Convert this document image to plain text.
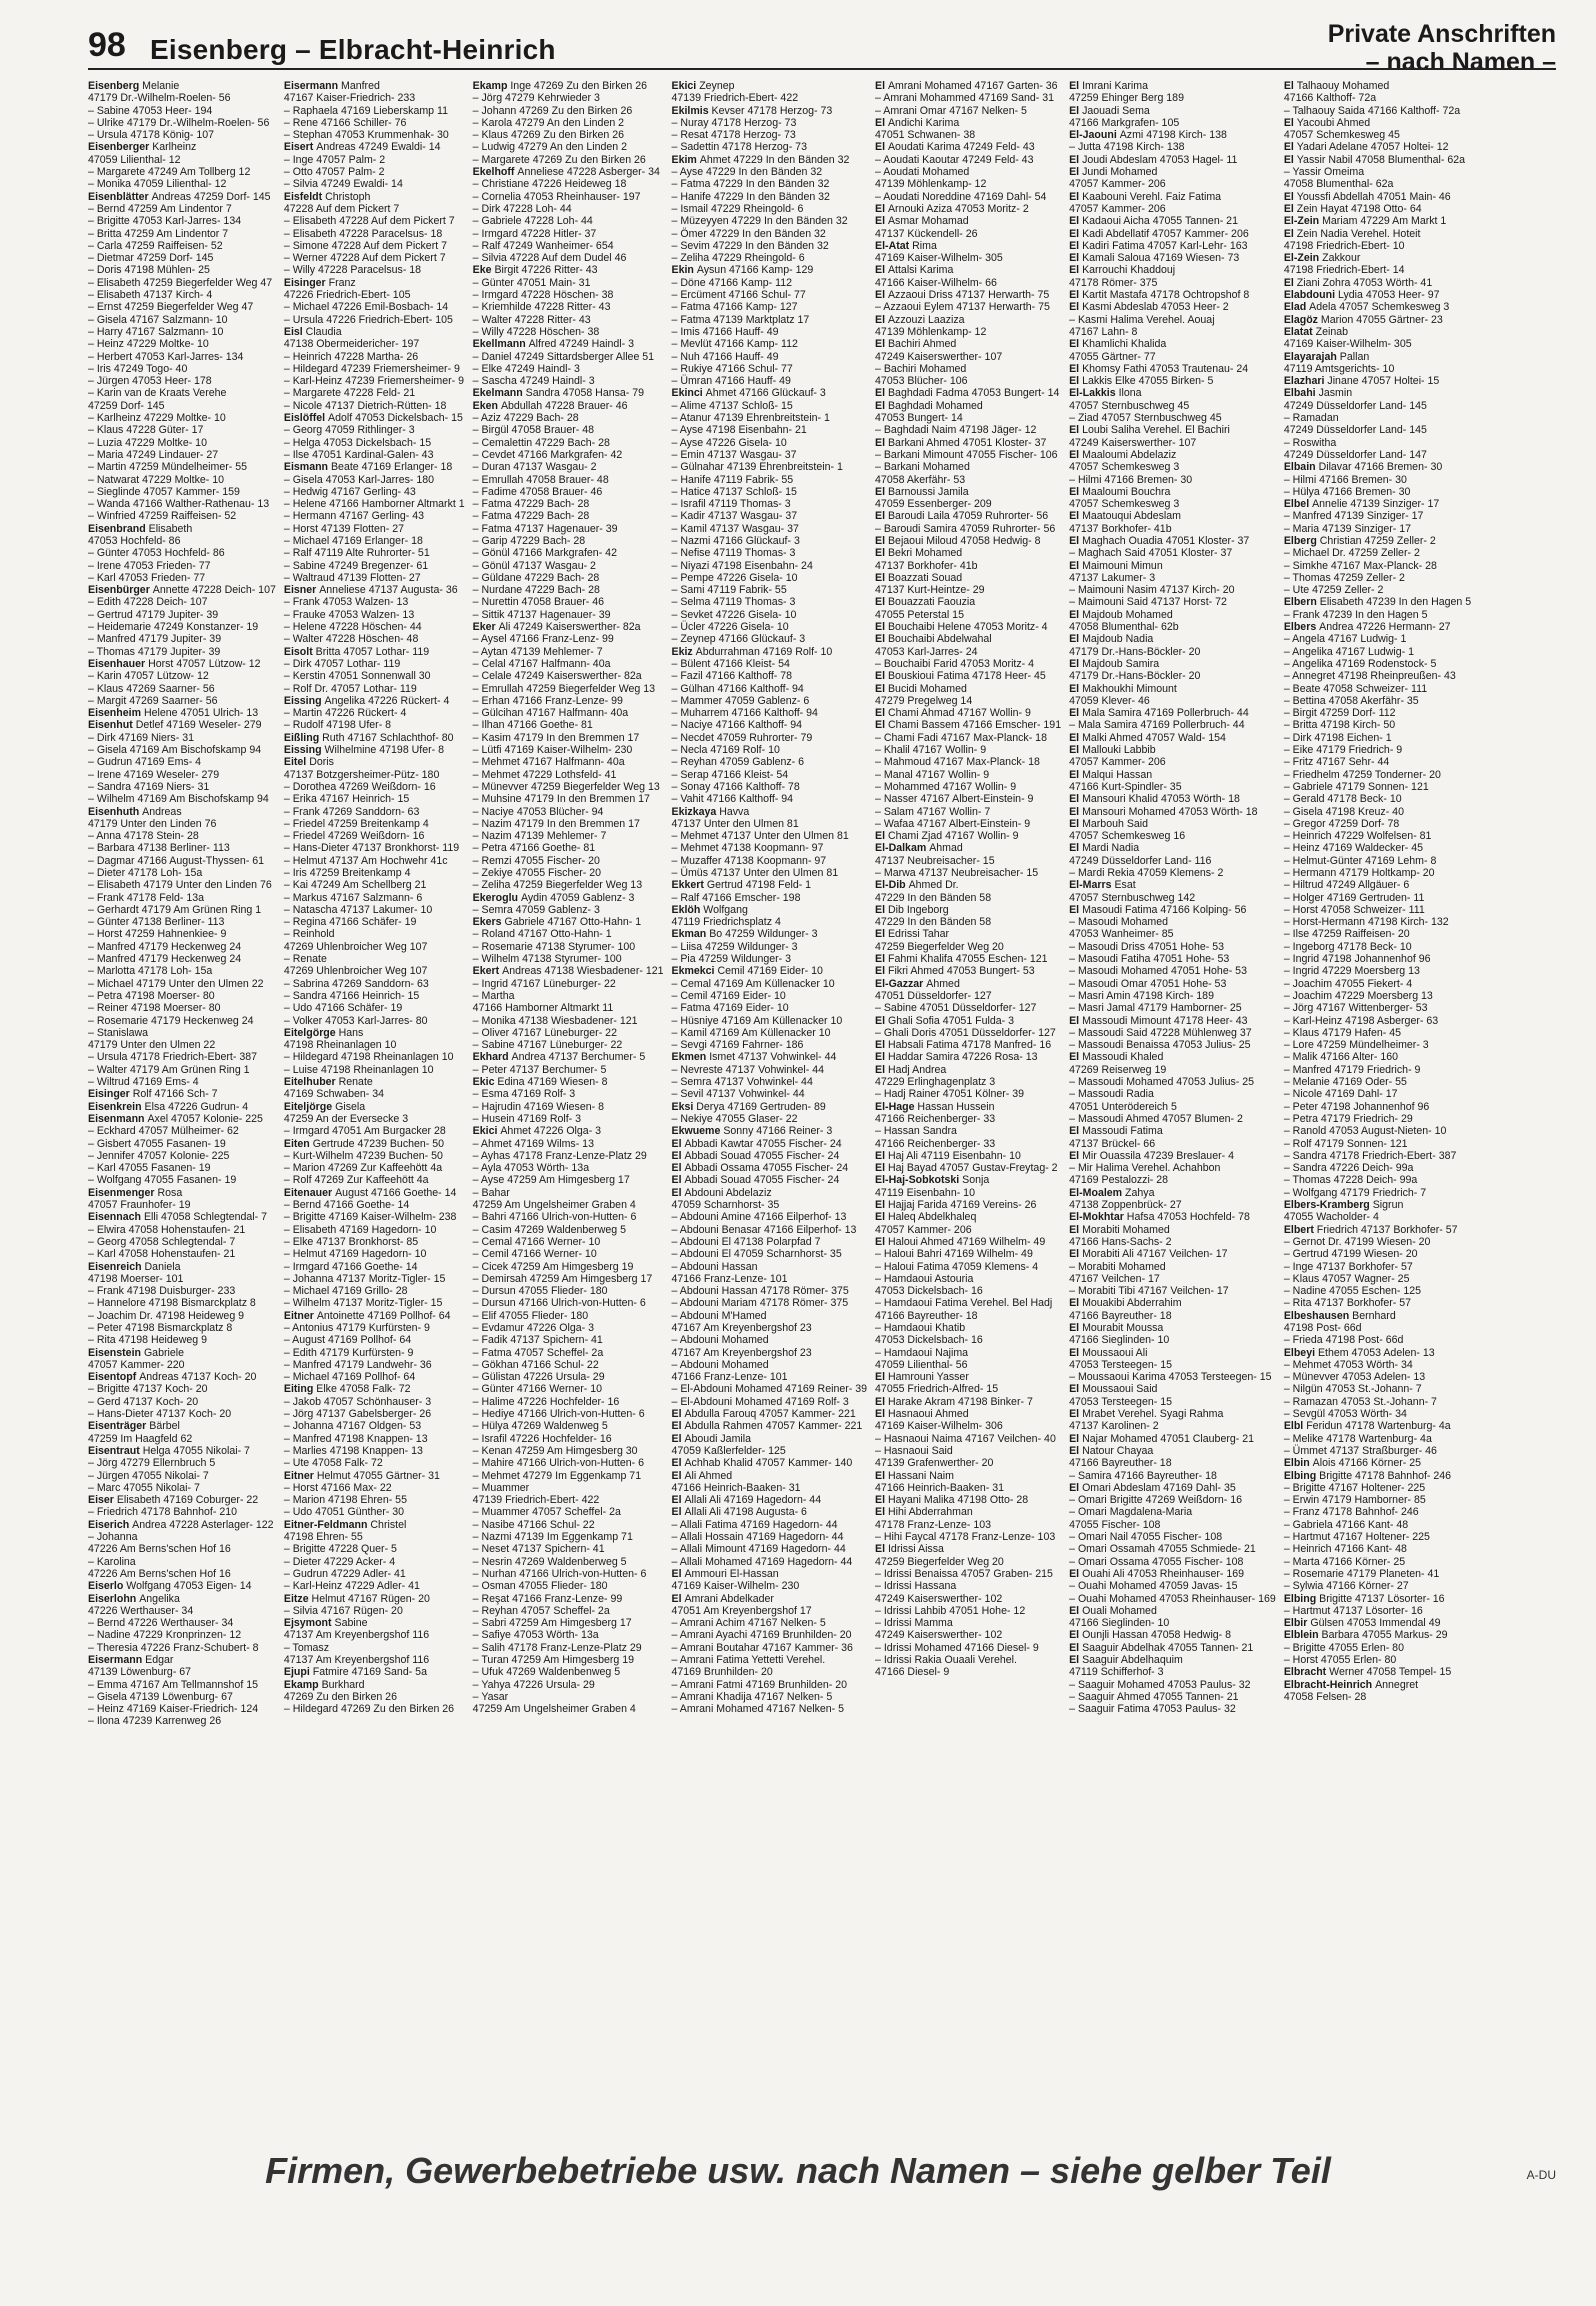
98 Eisenberg – Elbracht-Heinrich	Private Anschriften
– nach Namen –
Eisenberg Melanie
47179 Dr.-Wilhelm-Roelen- 56
– Sabine 47053 Heer- 194
– Ulrike 47179 Dr.-Wilhelm-Roelen- 56
– Ursula 47178 König- 107
Eisenberger Karlheinz
47059 Lilienthal- 12
– Margarete 47249 Am Tollberg 12
– Monika 47059 Lilienthal- 12
Eisenblätter Andreas 47259 Dorf- 145
– Bernd 47259 Am Lindentor 7
– Brigitte 47053 Karl-Jarres- 134
– Britta 47259 Am Lindentor 7
– Carla 47259 Raiffeisen- 52
– Dietmar 47259 Dorf- 145
– Doris 47198 Mühlen- 25
– Elisabeth 47259 Biegerfelder Weg 47
– Elisabeth 47137 Kirch- 4
– Ernst 47259 Biegerfelder Weg 47
– Gisela 47167 Salzmann- 10
– Harry 47167 Salzmann- 10
– Heinz 47229 Moltke- 10
– Herbert 47053 Karl-Jarres- 134
– Iris 47249 Togo- 40
– Jürgen 47053 Heer- 178
– Karin van de Kraats Verehe
47259 Dorf- 145
– Karlheinz 47229 Moltke- 10
– Klaus 47228 Güter- 17
– Luzia 47229 Moltke- 10
– Maria 47249 Lindauer- 27
– Martin 47259 Mündelheimer- 55
– Natwarat 47229 Moltke- 10
– Sieglinde 47057 Kammer- 159
– Wanda 47166 Walther-Rathenau- 13
– Winfried 47259 Raiffeisen- 52
Eisenbrand Elisabeth
47053 Hochfeld- 86
– Günter 47053 Hochfeld- 86
– Irene 47053 Frieden- 77
– Karl 47053 Frieden- 77
Eisenbürger Annette 47228 Deich- 107
– Edith 47228 Deich- 107
– Gertrud 47179 Jupiter- 39
– Heidemarie 47249 Konstanzer- 19
– Manfred 47179 Jupiter- 39
– Thomas 47179 Jupiter- 39
Eisenhauer Horst 47057 Lützow- 12
– Karin 47057 Lützow- 12
– Klaus 47269 Saarner- 56
– Margit 47269 Saarner- 56
Eisenheim Helene 47051 Ulrich- 13
Eisenhut Detlef 47169 Weseler- 279
– Dirk 47169 Niers- 31
– Gisela 47169 Am Bischofskamp 94
– Gudrun 47169 Ems- 4
– Irene 47169 Weseler- 279
– Sandra 47169 Niers- 31
– Wilhelm 47169 Am Bischofskamp 94
Eisenhuth Andreas
47179 Unter den Linden 76
– Anna 47178 Stein- 28
– Barbara 47138 Berliner- 113
– Dagmar 47166 August-Thyssen- 61
– Dieter 47178 Loh- 15a
– Elisabeth 47179 Unter den Linden 76
– Frank 47178 Feld- 13a
– Gerhardt 47179 Am Grünen Ring 1
– Günter 47138 Berliner- 113
– Horst 47259 Hahnenkiee- 9
– Manfred 47179 Heckenweg 24
– Manfred 47179 Heckenweg 24
– Marlotta 47178 Loh- 15a
– Michael 47179 Unter den Ulmen 22
– Petra 47198 Moerser- 80
– Reiner 47198 Moerser- 80
– Rosemarie 47179 Heckenweg 24
– Stanislawa
47179 Unter den Ulmen 22
– Ursula 47178 Friedrich-Ebert- 387
– Walter 47179 Am Grünen Ring 1
– Wiltrud 47169 Ems- 4
Eisinger Rolf 47166 Sch- 7
Eisenkrein Elsa 47226 Gudrun- 4
Eisenmann Axel 47057 Kolonie- 225
– Eckhard 47057 Mülheimer- 62
– Gisbert 47055 Fasanen- 19
– Jennifer 47057 Kolonie- 225
– Karl 47055 Fasanen- 19
– Wolfgang 47055 Fasanen- 19
Eisenmenger Rosa
47057 Fraunhofer- 19
Eisennach Elli 47058 Schlegtendal- 7
– Elwira 47058 Hohenstaufen- 21
– Georg 47058 Schlegtendal- 7
– Karl 47058 Hohenstaufen- 21
Eisenreich Daniela
47198 Moerser- 101
– Frank 47198 Duisburger- 233
– Hannelore 47198 Bismarckplatz 8
– Joachim Dr. 47198 Heideweg 9
– Peter 47198 Bismarckplatz 8
– Rita 47198 Heideweg 9
Eisenstein Gabriele
47057 Kammer- 220
Eisentopf Andreas 47137 Koch- 20
– Brigitte 47137 Koch- 20
– Gerd 47137 Koch- 20
– Hans-Dieter 47137 Koch- 20
Eisenträger Bärbel
47259 Im Haagfeld 62
Eisentraut Helga 47055 Nikolai- 7
– Jörg 47279 Ellernbruch 5
– Jürgen 47055 Nikolai- 7
– Marc 47055 Nikolai- 7
Eiser Elisabeth 47169 Coburger- 22
– Friedrich 47178 Bahnhof- 210
Eiserich Andrea 47228 Asterlager- 122
– Johanna
47226 Am Berns'schen Hof 16
– Karolina
47226 Am Berns'schen Hof 16
Eiserlo Wolfgang 47053 Eigen- 14
Eiserlohn Angelika
47226 Werthauser- 34
– Bernd 47226 Werthauser- 34
– Nadine 47229 Kronprinzen- 12
– Theresia 47226 Franz-Schubert- 8
Eisermann Edgar
47139 Löwenburg- 67
– Emma 47167 Am Tellmannshof 15
– Gisela 47139 Löwenburg- 67
– Heinz 47169 Kaiser-Friedrich- 124
– Ilona 47239 Karrenweg 26
Eisermann Manfred
47167 Kaiser-Friedrich- 233
– Raphaela 47169 Lieberskamp 11
– Rene 47166 Schiller- 76
– Stephan 47053 Krummenhak- 30
Eisert Andreas 47249 Ewaldi- 14
– Inge 47057 Palm- 2
– Otto 47057 Palm- 2
– Silvia 47249 Ewaldi- 14
Eisfeldt Christoph
47228 Auf dem Pickert 7
– Elisabeth 47228 Auf dem Pickert 7
– Elisabeth 47228 Paracelsus- 18
– Simone 47228 Auf dem Pickert 7
– Werner 47228 Auf dem Pickert 7
– Willy 47228 Paracelsus- 18
Eisinger Franz
47226 Friedrich-Ebert- 105
– Michael 47226 Emil-Bosbach- 14
– Ursula 47226 Friedrich-Ebert- 105
Eisl Claudia
47138 Obermeidericher- 197
– Heinrich 47228 Martha- 26
– Hildegard 47239 Friemersheimer- 9
– Karl-Heinz 47239 Friemersheimer- 9
– Margarete 47228 Feld- 21
– Nicole 47137 Dietrich-Rütten- 18
Eislöffel Adolf 47053 Dickelsbach- 15
– Georg 47059 Rithlinger- 3
– Helga 47053 Dickelsbach- 15
– Ilse 47051 Kardinal-Galen- 43
Eismann Beate 47169 Erlanger- 18
– Gisela 47053 Karl-Jarres- 180
– Hedwig 47167 Gerling- 43
– Helene 47166 Hamborner Altmarkt 1
– Hermann 47167 Gerling- 43
– Horst 47139 Flotten- 27
– Michael 47169 Erlanger- 18
– Ralf 47119 Alte Ruhrorter- 51
– Sabine 47249 Bregenzer- 61
– Waltraud 47139 Flotten- 27
Eisner Anneliese 47137 Augusta- 36
– Frank 47053 Walzen- 13
– Frauke 47053 Walzen- 13
– Helene 47228 Höschen- 44
– Walter 47228 Höschen- 48
Eisolt Britta 47057 Lothar- 119
– Dirk 47057 Lothar- 119
– Kerstin 47051 Sonnenwall 30
– Rolf Dr. 47057 Lothar- 119
Eissing Angelika 47226 Rückert- 4
– Martin 47226 Rückert- 4
– Rudolf 47198 Ufer- 8
Eißling Ruth 47167 Schlachthof- 80
Eissing Wilhelmine 47198 Ufer- 8
Eitel Doris
47137 Botzgersheimer-Pütz- 180
– Dorothea 47269 Weißdorn- 16
– Erika 47167 Heinrich- 15
– Frank 47269 Sanddorn- 63
– Friedel 47259 Breitenkamp 4
– Friedel 47269 Weißdorn- 16
– Hans-Dieter 47137 Bronkhorst- 119
– Helmut 47137 Am Hochwehr 41c
– Iris 47259 Breitenkamp 4
– Kai 47249 Am Schellberg 21
– Markus 47167 Salzmann- 6
– Natascha 47137 Lakumer- 10
– Regina 47166 Schäfer- 19
– Reinhold
47269 Uhlenbroicher Weg 107
– Renate
47269 Uhlenbroicher Weg 107
– Sabrina 47269 Sanddorn- 63
– Sandra 47166 Heinrich- 15
– Udo 47166 Schäfer- 19
– Volker 47053 Karl-Jarres- 80
Eitelgörge Hans
47198 Rheinanlagen 10
– Hildegard 47198 Rheinanlagen 10
– Luise 47198 Rheinanlagen 10
Eitelhuber Renate
47169 Schwaben- 34
Eiteljörge Gisela
47259 An der Eversecke 3
– Irmgard 47051 Am Burgacker 28
Eiten Gertrude 47239 Buchen- 50
– Kurt-Wilhelm 47239 Buchen- 50
– Marion 47269 Zur Kaffeehött 4a
– Rolf 47269 Zur Kaffeehött 4a
Eitenauer August 47166 Goethe- 14
– Bernd 47166 Goethe- 14
– Brigitte 47169 Kaiser-Wilhelm- 238
– Elisabeth 47169 Hagedorn- 10
– Elke 47137 Bronkhorst- 85
– Helmut 47169 Hagedorn- 10
– Irmgard 47166 Goethe- 14
– Johanna 47137 Moritz-Tigler- 15
– Michael 47169 Grillo- 28
– Wilhelm 47137 Moritz-Tigler- 15
Eitner Antoinette 47169 Pollhof- 64
– Antonius 47179 Kurfürsten- 9
– August 47169 Pollhof- 64
– Edith 47179 Kurfürsten- 9
– Manfred 47179 Landwehr- 36
– Michael 47169 Pollhof- 64
Eiting Elke 47058 Falk- 72
– Jakob 47057 Schönhauser- 3
– Jörg 47137 Gabelsberger- 26
– Johanna 47167 Oldgen- 53
– Manfred 47198 Knappen- 13
– Marlies 47198 Knappen- 13
– Ute 47058 Falk- 72
Eitner Helmut 47055 Gärtner- 31
– Horst 47166 Max- 22
– Marion 47198 Ehren- 55
– Udo 47051 Günther- 30
Eitner-Feldmann Christel
47198 Ehren- 55
– Brigitte 47228 Quer- 5
– Dieter 47229 Acker- 4
– Gudrun 47229 Adler- 41
– Karl-Heinz 47229 Adler- 41
Eitze Helmut 47167 Rügen- 20
– Silvia 47167 Rügen- 20
Ejsymont Sabine
47137 Am Kreyenbergshof 116
– Tomasz
47137 Am Kreyenbergshof 116
Ejupi Fatmire 47169 Sand- 5a
Ekamp Burkhard
47269 Zu den Birken 26
– Hildegard 47269 Zu den Birken 26
Ekamp Inge 47269 Zu den Birken 26
– Jörg 47279 Kehrwieder 3
– Johann 47269 Zu den Birken 26
– Karola 47279 An den Linden 2
– Klaus 47269 Zu den Birken 26
– Ludwig 47279 An den Linden 2
– Margarete 47269 Zu den Birken 26
Ekelhoff Anneliese 47228 Asberger- 34
– Christiane 47226 Heideweg 18
– Cornelia 47053 Rheinhauser- 197
– Dirk 47228 Loh- 44
– Gabriele 47228 Loh- 44
– Irmgard 47228 Hitler- 37
– Ralf 47249 Wanheimer- 654
– Silvia 47228 Auf dem Dudel 46
Eke Birgit 47226 Ritter- 43
– Günter 47051 Main- 31
– Irmgard 47228 Höschen- 38
– Kriemhilde 47228 Ritter- 43
– Walter 47228 Ritter- 43
– Willy 47228 Höschen- 38
Ekellmann Alfred 47249 Haindl- 3
– Daniel 47249 Sittardsberger Allee 51
– Elke 47249 Haindl- 3
– Sascha 47249 Haindl- 3
Ekelmann Sandra 47058 Hansa- 79
Eken Abdullah 47228 Brauer- 46
– Aziz 47229 Bach- 28
– Birgül 47058 Brauer- 48
– Cemalettin 47229 Bach- 28
– Cevdet 47166 Markgrafen- 42
– Duran 47137 Wasgau- 2
– Emrullah 47058 Brauer- 48
– Fadime 47058 Brauer- 46
– Fatma 47229 Bach- 28
– Fatma 47229 Bach- 28
– Fatma 47137 Hagenauer- 39
– Garip 47229 Bach- 28
– Gönül 47166 Markgrafen- 42
– Gönül 47137 Wasgau- 2
– Güldane 47229 Bach- 28
– Nurdane 47229 Bach- 28
– Nurettin 47058 Brauer- 46
– Sittik 47137 Hagenauer- 39
Eker Ali 47249 Kaiserswerther- 82a
– Aysel 47166 Franz-Lenz- 99
– Aytan 47139 Mehlemer- 7
– Celal 47167 Halfmann- 40a
– Celale 47249 Kaiserswerther- 82a
– Emrullah 47259 Biegerfelder Weg 13
– Erhan 47166 Franz-Lenze- 99
– Gülcihan 47167 Halfmann- 40a
– Ilhan 47166 Goethe- 81
– Kasim 47179 In den Bremmen 17
– Lütfi 47169 Kaiser-Wilhelm- 230
– Mehmet 47167 Halfmann- 40a
– Mehmet 47229 Lothsfeld- 41
– Münevver 47259 Biegerfelder Weg 13
– Muhsine 47179 In den Bremmen 17
– Naciye 47053 Blücher- 94
– Nazim 47179 In den Bremmen 17
– Nazim 47139 Mehlemer- 7
– Petra 47166 Goethe- 81
– Remzi 47055 Fischer- 20
– Zekiye 47055 Fischer- 20
– Zeliha 47259 Biegerfelder Weg 13
Ekeroglu Aydin 47059 Gablenz- 3
– Semra 47059 Gablenz- 3
Ekers Gabriele 47167 Otto-Hahn- 1
– Roland 47167 Otto-Hahn- 1
– Rosemarie 47138 Styrumer- 100
– Wilhelm 47138 Styrumer- 100
Ekert Andreas 47138 Wiesbadener- 121
– Ingrid 47167 Lüneburger- 22
– Martha
47166 Hamborner Altmarkt 11
– Monika 47138 Wiesbadener- 121
– Oliver 47167 Lüneburger- 22
– Sabine 47167 Lüneburger- 22
Ekhard Andrea 47137 Berchumer- 5
– Peter 47137 Berchumer- 5
Ekic Edina 47169 Wiesen- 8
– Esma 47169 Rolf- 3
– Hajrudin 47169 Wiesen- 8
– Husein 47169 Rolf- 3
Ekici Ahmet 47226 Olga- 3
– Ahmet 47169 Wilms- 13
– Ayhas 47178 Franz-Lenze-Platz 29
– Ayla 47053 Wörth- 13a
– Ayse 47259 Am Himgesberg 17
– Bahar
47259 Am Ungelsheimer Graben 4
– Bahri 47166 Ulrich-von-Hutten- 6
– Casim 47269 Waldenberweg 5
– Cemal 47166 Werner- 10
– Cemil 47166 Werner- 10
– Cicek 47259 Am Himgesberg 19
– Demirsah 47259 Am Himgesberg 17
– Dursun 47055 Flieder- 180
– Dursun 47166 Ulrich-von-Hutten- 6
– Elif 47055 Flieder- 180
– Evdamur 47226 Olga- 3
– Fadik 47137 Spichern- 41
– Fatma 47057 Scheffel- 2a
– Gökhan 47166 Schul- 22
– Gülistan 47226 Ursula- 29
– Günter 47166 Werner- 10
– Halime 47226 Hochfelder- 16
– Hediye 47166 Ulrich-von-Hutten- 6
– Hülya 47269 Waldenweg 5
– Israfil 47226 Hochfelder- 16
– Kenan 47259 Am Himgesberg 30
– Mahire 47166 Ulrich-von-Hutten- 6
– Mehmet 47279 Im Eggenkamp 71
– Muammer
47139 Friedrich-Ebert- 422
– Muammer 47057 Scheffel- 2a
– Nasibe 47166 Schul- 22
– Nazmi 47139 Im Eggenkamp 71
– Neset 47137 Spichern- 41
– Nesrin 47269 Waldenberweg 5
– Nurhan 47166 Ulrich-von-Hutten- 6
– Osman 47055 Flieder- 180
– Reşat 47166 Franz-Lenze- 99
– Reyhan 47057 Scheffel- 2a
– Sabri 47259 Am Himgesberg 17
– Safiye 47053 Wörth- 13a
– Salih 47178 Franz-Lenze-Platz 29
– Turan 47259 Am Himgesberg 19
– Ufuk 47269 Waldenbenweg 5
– Yahya 47226 Ursula- 29
– Yasar
47259 Am Ungelsheimer Graben 4
Ekici Zeynep
47139 Friedrich-Ebert- 422
Ekilmis Kevser 47178 Herzog- 73
– Nuray 47178 Herzog- 73
– Resat 47178 Herzog- 73
– Sadettin 47178 Herzog- 73
Ekim Ahmet 47229 In den Bänden 32
– Ayse 47229 In den Bänden 32
– Fatma 47229 In den Bänden 32
– Hanife 47229 In den Bänden 32
– Ismail 47229 Rheingold- 6
– Müzeyyen 47229 In den Bänden 32
– Ömer 47229 In den Bänden 32
– Sevim 47229 In den Bänden 32
– Zeliha 47229 Rheingold- 6
Ekin Aysun 47166 Kamp- 129
– Döne 47166 Kamp- 112
– Ercüment 47166 Schul- 77
– Fatma 47166 Kamp- 127
– Fatma 47139 Marktplatz 17
– Imis 47166 Hauff- 49
– Mevlüt 47166 Kamp- 112
– Nuh 47166 Hauff- 49
– Rukiye 47166 Schul- 77
– Ümran 47166 Hauff- 49
Ekinci Ahmet 47166 Glückauf- 3
– Alime 47137 Schloß- 15
– Atanur 47139 Ehrenbreitstein- 1
– Ayse 47198 Eisenbahn- 21
– Ayse 47226 Gisela- 10
– Emin 47137 Wasgau- 37
– Gülnahar 47139 Ehrenbreitstein- 1
– Hanife 47119 Fabrik- 55
– Hatice 47137 Schloß- 15
– Israfil 47119 Thomas- 3
– Kadir 47137 Wasgau- 37
– Kamil 47137 Wasgau- 37
– Nazmi 47166 Glückauf- 3
– Nefise 47119 Thomas- 3
– Niyazi 47198 Eisenbahn- 24
– Pempe 47226 Gisela- 10
– Sami 47119 Fabrik- 55
– Selma 47119 Thomas- 3
– Sevket 47226 Gisela- 10
– Ücler 47226 Gisela- 10
– Zeynep 47166 Glückauf- 3
Ekiz Abdurrahman 47169 Rolf- 10
– Bülent 47166 Kleist- 54
– Fazil 47166 Kalthoff- 78
– Gülhan 47166 Kalthoff- 94
– Mammer 47059 Gablenz- 6
– Muharrem 47166 Kalthoff- 94
– Naciye 47166 Kalthoff- 94
– Necdet 47059 Ruhrorter- 79
– Necla 47169 Rolf- 10
– Reyhan 47059 Gablenz- 6
– Serap 47166 Kleist- 54
– Sonay 47166 Kalthoff- 78
– Vahit 47166 Kalthoff- 94
Ekizkaya Havva
47137 Unter den Ulmen 81
– Mehmet 47137 Unter den Ulmen 81
– Mehmet 47138 Koopmann- 97
– Muzaffer 47138 Koopmann- 97
– Ümüs 47137 Unter den Ulmen 81
Ekkert Gertrud 47198 Feld- 1
– Ralf 47166 Emscher- 198
Eklöh Wolfgang
47119 Friedrichsplatz 4
Ekman Bo 47259 Wildunger- 3
– Liisa 47259 Wildunger- 3
– Pia 47259 Wildunger- 3
Ekmekci Cemil 47169 Eider- 10
– Cemal 47169 Am Küllenacker 10
– Cemil 47169 Eider- 10
– Fatma 47169 Eider- 10
– Hüsniye 47169 Am Küllenacker 10
– Kamil 47169 Am Küllenacker 10
– Sevgi 47169 Fahrner- 186
Ekmen Ismet 47137 Vohwinkel- 44
– Nevreste 47137 Vohwinkel- 44
– Semra 47137 Vohwinkel- 44
– Sevil 47137 Vohwinkel- 44
Eksi Derya 47169 Gertruden- 89
– Nekiye 47055 Glaser- 22
Ekwueme Sonny 47166 Reiner- 3
El Abbadi Kawtar 47055 Fischer- 24
El Abbadi Souad 47055 Fischer- 24
El Abbadi Ossama 47055 Fischer- 24
El Abbadi Souad 47055 Fischer- 24
El Abdouni Abdelaziz
47059 Scharnhorst- 35
– Abdouni Amine 47166 Eilperhof- 13
– Abdouni Benasar 47166 Eilperhof- 13
– Abdouni El 47138 Polarpfad 7
– Abdouni El 47059 Scharnhorst- 35
– Abdouni Hassan
47166 Franz-Lenze- 101
– Abdouni Hassan 47178 Römer- 375
– Abdouni Mariam 47178 Römer- 375
– Abdouni M'Hamed
47167 Am Kreyenbergshof 23
– Abdouni Mohamed
47167 Am Kreyenbergshof 23
– Abdouni Mohamed
47166 Franz-Lenze- 101
– El-Abdouni Mohamed 47169 Reiner- 39
– El-Abdouni Mohamed 47169 Rolf- 3
El Abdulla Farouq 47057 Kammer- 221
El Abdulla Rahmen 47057 Kammer- 221
El Aboudi Jamila
47059 Kaßlerfelder- 125
El Achhab Khalid 47057 Kammer- 140
El Ali Ahmed
47166 Heinrich-Baaken- 31
El Allali Ali 47169 Hagedorn- 44
El Allali Ali 47198 Augusta- 6
– Allali Fatima 47169 Hagedorn- 44
– Allali Hossain 47169 Hagedorn- 44
– Allali Mimount 47169 Hagedorn- 44
– Allali Mohamed 47169 Hagedorn- 44
El Ammouri El-Hassan
47169 Kaiser-Wilhelm- 230
El Amrani Abdelkader
47051 Am Kreyenbergshof 17
– Amrani Achim 47167 Nelken- 5
– Amrani Ayachi 47169 Brunhilden- 20
– Amrani Boutahar 47167 Kammer- 36
– Amrani Fatima Yettetti Verehel.
47169 Brunhilden- 20
– Amrani Fatmi 47169 Brunhilden- 20
– Amrani Khadija 47167 Nelken- 5
– Amrani Mohamed 47167 Nelken- 5
El Amrani Mohamed 47167 Garten- 36
– Amrani Mohammed 47169 Sand- 31
– Amrani Omar 47167 Nelken- 5
El Andichi Karima
47051 Schwanen- 38
El Aoudati Karima 47249 Feld- 43
– Aoudati Kaoutar 47249 Feld- 43
– Aoudati Mohamed
47139 Möhlenkamp- 12
– Aoudati Noreddine 47169 Dahl- 54
El Arnouki Aziza 47053 Moritz- 2
El Asmar Mohamad
47137 Kückendell- 26
El-Atat Rima
47169 Kaiser-Wilhelm- 305
El Attalsi Karima
47166 Kaiser-Wilhelm- 66
El Azzaoui Driss 47137 Herwarth- 75
– Azzaoui Eylem 47137 Herwarth- 75
El Azzouzi Laaziza
47139 Möhlenkamp- 12
El Bachiri Ahmed
47249 Kaiserswerther- 107
– Bachiri Mohamed
47053 Blücher- 106
El Baghdadi Fadma 47053 Bungert- 14
El Baghdadi Mohamed
47053 Bungert- 14
– Baghdadi Naim 47198 Jäger- 12
El Barkani Ahmed 47051 Kloster- 37
– Barkani Mimount 47055 Fischer- 106
– Barkani Mohamed
47058 Akerfähr- 53
El Barnoussi Jamila
47059 Essenberger- 209
El Baroudi Laila 47059 Ruhrorter- 56
– Baroudi Samira 47059 Ruhrorter- 56
El Bejaoui Miloud 47058 Hedwig- 8
El Bekri Mohamed
47137 Borkhofer- 41b
El Boazzati Souad
47137 Kurt-Heintze- 29
El Bouazzati Faouzia
47055 Peterstal 15
El Bouchaibi Helene 47053 Moritz- 4
El Bouchaibi Abdelwahal
47053 Karl-Jarres- 24
– Bouchaibi Farid 47053 Moritz- 4
El Bouskioui Fatima 47178 Heer- 45
El Bucidi Mohamed
47279 Pregelweg 14
El Chami Ahmad 47167 Wollin- 9
El Chami Bassem 47166 Emscher- 191
– Chami Fadi 47167 Max-Planck- 18
– Khalil 47167 Wollin- 9
– Mahmoud 47167 Max-Planck- 18
– Manal 47167 Wollin- 9
– Mohammed 47167 Wollin- 9
– Nasser 47167 Albert-Einstein- 9
– Salam 47167 Wollin- 7
– Wafaa 47167 Albert-Einstein- 9
El Chami Zjad 47167 Wollin- 9
El-Dalkam Ahmad
47137 Neubreisacher- 15
– Marwa 47137 Neubreisacher- 15
El-Dib Ahmed Dr.
47229 In den Bänden 58
El Dib Ingeborg
47229 In den Bänden 58
El Edrissi Tahar
47259 Biegerfelder Weg 20
El Fahmi Khalifa 47055 Eschen- 121
El Fikri Ahmed 47053 Bungert- 53
El-Gazzar Ahmed
47051 Düsseldorfer- 127
– Sabine 47051 Düsseldorfer- 127
El Ghali Sofia 47051 Fulda- 3
– Ghali Doris 47051 Düsseldorfer- 127
El Habsali Fatima 47178 Manfred- 16
El Haddar Samira 47226 Rosa- 13
El Hadj Andrea
47229 Erlinghagenplatz 3
– Hadj Rainer 47051 Kölner- 39
El-Hage Hassan Hussein
47166 Reichenberger- 33
– Hassan Sandra
47166 Reichenberger- 33
El Haj Ali 47119 Eisenbahn- 10
El Haj Bayad 47057 Gustav-Freytag- 2
El-Haj-Sobkotski Sonja
47119 Eisenbahn- 10
El Hajjaj Farida 47169 Vereins- 26
El Haleq Abdelkhaleq
47057 Kammer- 206
El Haloui Ahmed 47169 Wilhelm- 49
– Haloui Bahri 47169 Wilhelm- 49
– Haloui Fatima 47059 Klemens- 4
– Hamdaoui Astouria
47053 Dickelsbach- 16
– Hamdaoui Fatima Verehel. Bel Hadj
47166 Bayreuther- 18
– Hamdaoui Khatib
47053 Dickelsbach- 16
– Hamdaoui Najima
47059 Lilienthal- 56
El Hamrouni Yasser
47055 Friedrich-Alfred- 15
El Harake Akram 47198 Binker- 7
El Hasnaoui Ahmed
47169 Kaiser-Wilhelm- 306
– Hasnaoui Naima 47167 Veilchen- 40
– Hasnaoui Said
47139 Grafenwerther- 20
El Hassani Naim
47166 Heinrich-Baaken- 31
El Hayani Malika 47198 Otto- 28
El Hihi Abderrahman
47178 Franz-Lenze- 103
– Hihi Faycal 47178 Franz-Lenze- 103
El Idrissi Aissa
47259 Biegerfelder Weg 20
– Idrissi Benaissa 47057 Graben- 215
– Idrissi Hassana
47249 Kaiserswerther- 102
– Idrissi Lahbib 47051 Hohe- 12
– Idrissi Mamma
47249 Kaiserswerther- 102
– Idrissi Mohamed 47166 Diesel- 9
– Idrissi Rakia Ouaali Verehel.
47166 Diesel- 9
El Imrani Karima
47259 Ehinger Berg 189
El Jaouadi Sema
47166 Markgrafen- 105
El-Jaouni Azmi 47198 Kirch- 138
– Jutta 47198 Kirch- 138
El Joudi Abdeslam 47053 Hagel- 11
El Jundi Mohamed
47057 Kammer- 206
El Kaabouni Verehl. Faiz Fatima
47057 Kammer- 206
El Kadaoui Aicha 47055 Tannen- 21
El Kadi Abdellatif 47057 Kammer- 206
El Kadiri Fatima 47057 Karl-Lehr- 163
El Kamali Saloua 47169 Wiesen- 73
El Karrouchi Khaddouj
47178 Römer- 375
El Kartit Mastafa 47178 Ochtropshof 8
El Kasmi Abdeslab 47053 Heer- 2
– Kasmi Halima Verehel. Aouaj
47167 Lahn- 8
El Khamlichi Khalida
47055 Gärtner- 77
El Khomsy Fathi 47053 Trautenau- 24
El Lakkis Elke 47055 Birken- 5
El-Lakkis Ilona
47057 Sternbuschweg 45
– Ziad 47057 Sternbuschweg 45
El Loubi Saliha Verehel. El Bachiri
47249 Kaiserswerther- 107
El Maaloumi Abdelaziz
47057 Schemkesweg 3
– Hilmi 47166 Bremen- 30
El Maaloumi Bouchra
47057 Schemkesweg 3
El Maatouqui Abdeslam
47137 Borkhofer- 41b
El Maghach Ouadia 47051 Kloster- 37
– Maghach Said 47051 Kloster- 37
El Maimouni Mimun
47137 Lakumer- 3
– Maimouni Nasim 47137 Kirch- 20
– Maimouni Said 47137 Horst- 72
El Majdoub Mohamed
47058 Blumenthal- 62b
El Majdoub Nadia
47179 Dr.-Hans-Böckler- 20
El Majdoub Samira
47179 Dr.-Hans-Böckler- 20
El Makhoukhi Mimount
47059 Klever- 46
El Mala Samira 47169 Pollerbruch- 44
– Mala Samira 47169 Pollerbruch- 44
El Malki Ahmed 47057 Wald- 154
El Mallouki Labbib
47057 Kammer- 206
El Malqui Hassan
47166 Kurt-Spindler- 35
El Mansouri Khalid 47053 Wörth- 18
El Mansouri Mohamed 47053 Wörth- 18
El Marbouh Said
47057 Schemkesweg 16
El Mardi Nadia
47249 Düsseldorfer Land- 116
– Mardi Rekia 47059 Klemens- 2
El-Marrs Esat
47057 Sternbuschweg 142
El Masoudi Fatima 47166 Kolping- 56
– Masoudi Mohamed
47053 Wanheimer- 85
– Masoudi Driss 47051 Hohe- 53
– Masoudi Fatiha 47051 Hohe- 53
– Masoudi Mohamed 47051 Hohe- 53
– Masoudi Omar 47051 Hohe- 53
– Masri Amin 47198 Kirch- 189
– Masri Jamal 47179 Hamborner- 25
El Massoudi Mimount 47178 Heer- 43
– Massoudi Said 47228 Mühlenweg 37
– Massoudi Benaissa 47053 Julius- 25
El Massoudi Khaled
47269 Reiserweg 19
– Massoudi Mohamed 47053 Julius- 25
– Massoudi Radia
47051 Unterödereich 5
– Massoudi Ahmed 47057 Blumen- 2
El Massoudi Fatima
47137 Brückel- 66
El Mir Ouassila 47239 Breslauer- 4
– Mir Halima Verehel. Achahbon
47169 Pestalozzi- 28
El-Moalem Zahya
47138 Zoppenbrück- 27
El-Mokhtar Hafsa 47053 Hochfeld- 78
El Morabiti Mohamed
47166 Hans-Sachs- 2
El Morabiti Ali 47167 Veilchen- 17
– Morabiti Mohamed
47167 Veilchen- 17
– Morabiti Tibi 47167 Veilchen- 17
El Mouakibi Abderrahim
47166 Bayreuther- 18
El Mourabit Moussa
47166 Sieglinden- 10
El Moussaoui Ali
47053 Tersteegen- 15
– Moussaoui Karima 47053 Tersteegen- 15
El Moussaoui Said
47053 Tersteegen- 15
El Mrabet Verehel. Syagi Rahma
47137 Karolinen- 2
El Najar Mohamed 47051 Clauberg- 21
El Natour Chayaa
47166 Bayreuther- 18
– Samira 47166 Bayreuther- 18
El Omari Abdeslam 47169 Dahl- 35
– Omari Brigitte 47269 Weißdorn- 16
– Omari Magdalena-Maria
47055 Fischer- 108
– Omari Nail 47055 Fischer- 108
– Omari Ossamah 47055 Schmiede- 21
– Omari Ossama 47055 Fischer- 108
El Ouahi Ali 47053 Rheinhauser- 169
– Ouahi Mohamed 47059 Javas- 15
– Ouahi Mohamed 47053 Rheinhauser- 169
El Ouali Mohamed
47166 Sieglinden- 10
El Ounjli Hassan 47058 Hedwig- 8
El Saaguir Abdelhak 47055 Tannen- 21
El Saaguir Abdelhaquim
47119 Schifferhof- 3
– Saaguir Mohamed 47053 Paulus- 32
– Saaguir Ahmed 47055 Tannen- 21
– Saaguir Fatima 47053 Paulus- 32
El Talhaouy Mohamed
47166 Kalthoff- 72a
– Talhaouy Saida 47166 Kalthoff- 72a
El Yacoubi Ahmed
47057 Schemkesweg 45
El Yadari Adelane 47057 Holtei- 12
El Yassir Nabil 47058 Blumenthal- 62a
– Yassir Omeima
47058 Blumenthal- 62a
El Youssfi Abdellah 47051 Main- 46
El Zein Hayat 47198 Otto- 64
El-Zein Mariam 47229 Am Markt 1
El Zein Nadia Verehel. Hoteit
47198 Friedrich-Ebert- 10
El-Zein Zakkour
47198 Friedrich-Ebert- 14
El Ziani Zohra 47053 Wörth- 41
Elabdouni Lydia 47053 Heer- 97
Elad Adela 47057 Schemkesweg 3
Elagöz Marion 47055 Gärtner- 23
Elatat Zeinab
47169 Kaiser-Wilhelm- 305
Elayarajah Pallan
47119 Amtsgerichts- 10
Elazhari Jinane 47057 Holtei- 15
Elbahi Jasmin
47249 Düsseldorfer Land- 145
– Ramadan
47249 Düsseldorfer Land- 145
– Roswitha
47249 Düsseldorfer Land- 147
Elbain Dilavar 47166 Bremen- 30
– Hilmi 47166 Bremen- 30
– Hülya 47166 Bremen- 30
Elbel Annelie 47139 Sinziger- 17
– Manfred 47139 Sinziger- 17
– Maria 47139 Sinziger- 17
Elberg Christian 47259 Zeller- 2
– Michael Dr. 47259 Zeller- 2
– Simkhe 47167 Max-Planck- 28
– Thomas 47259 Zeller- 2
– Ute 47259 Zeller- 2
Elbern Elisabeth 47239 In den Hagen 5
– Frank 47239 In den Hagen 5
Elbers Andrea 47226 Hermann- 27
– Angela 47167 Ludwig- 1
– Angelika 47167 Ludwig- 1
– Angelika 47169 Rodenstock- 5
– Annegret 47198 Rheinpreußen- 43
– Beate 47058 Schweizer- 111
– Bettina 47058 Akerfähr- 35
– Birgit 47259 Dorf- 112
– Britta 47198 Kirch- 50
– Dirk 47198 Eichen- 1
– Eike 47179 Friedrich- 9
– Fritz 47167 Sehr- 44
– Friedhelm 47259 Tonderner- 20
– Gabriele 47179 Sonnen- 121
– Gerald 47178 Beck- 10
– Gisela 47198 Kreuz- 40
– Gregor 47259 Dorf- 78
– Heinrich 47229 Wolfelsen- 81
– Heinz 47169 Waldecker- 45
– Helmut-Günter 47169 Lehm- 8
– Hermann 47179 Holtkamp- 20
– Hiltrud 47249 Allgäuer- 6
– Holger 47169 Gertruden- 11
– Horst 47058 Schweizer- 111
– Horst-Hermann 47198 Kirch- 132
– Ilse 47259 Raiffeisen- 20
– Ingeborg 47178 Beck- 10
– Ingrid 47198 Johannenhof 96
– Ingrid 47229 Moersberg 13
– Joachim 47055 Fiekert- 4
– Joachim 47229 Moersberg 13
– Jörg 47167 Wittenberger- 53
– Karl-Heinz 47198 Asberger- 63
– Klaus 47179 Hafen- 45
– Lore 47259 Mündelheimer- 3
– Malik 47166 Alter- 160
– Manfred 47179 Friedrich- 9
– Melanie 47169 Oder- 55
– Nicole 47169 Dahl- 17
– Peter 47198 Johannenhof 96
– Petra 47179 Friedrich- 29
– Ranold 47053 August-Nieten- 10
– Rolf 47179 Sonnen- 121
– Sandra 47178 Friedrich-Ebert- 387
– Sandra 47226 Deich- 99a
– Thomas 47228 Deich- 99a
– Wolfgang 47179 Friedrich- 7
Elbers-Kramberg Sigrun
47055 Wacholder- 4
Elbert Friedrich 47137 Borkhofer- 57
– Gernot Dr. 47199 Wiesen- 20
– Gertrud 47199 Wiesen- 20
– Inge 47137 Borkhofer- 57
– Klaus 47057 Wagner- 25
– Nadine 47055 Eschen- 125
– Rita 47137 Borkhofer- 57
Elbeshausen Bernhard
47198 Post- 66d
– Frieda 47198 Post- 66d
Elbeyi Ethem 47053 Adelen- 13
– Mehmet 47053 Wörth- 34
– Münevver 47053 Adelen- 13
– Nilgün 47053 St.-Johann- 7
– Ramazan 47053 St.-Johann- 7
– Sevgül 47053 Wörth- 34
Elbl Feridun 47178 Wartenburg- 4a
– Melike 47178 Wartenburg- 4a
– Ümmet 47137 Straßburger- 46
Elbin Alois 47166 Körner- 25
Elbing Brigitte 47178 Bahnhof- 246
– Brigitte 47167 Holtener- 225
– Erwin 47179 Hamborner- 85
– Franz 47178 Bahnhof- 246
– Gabriela 47166 Kant- 48
– Hartmut 47167 Holtener- 225
– Heinrich 47166 Kant- 48
– Marta 47166 Körner- 25
– Rosemarie 47179 Planeten- 41
– Sylwia 47166 Körner- 27
Elbing Brigitte 47137 Lösorter- 16
– Hartmut 47137 Lösorter- 16
Elbir Gülsen 47053 Immendal 49
Elblein Barbara 47055 Markus- 29
– Brigitte 47055 Erlen- 80
– Horst 47055 Erlen- 80
Elbracht Werner 47058 Tempel- 15
Elbracht-Heinrich Annegret
47058 Felsen- 28
Firmen, Gewerbebetriebe usw. nach Namen – siehe gelber Teil	A-DU
